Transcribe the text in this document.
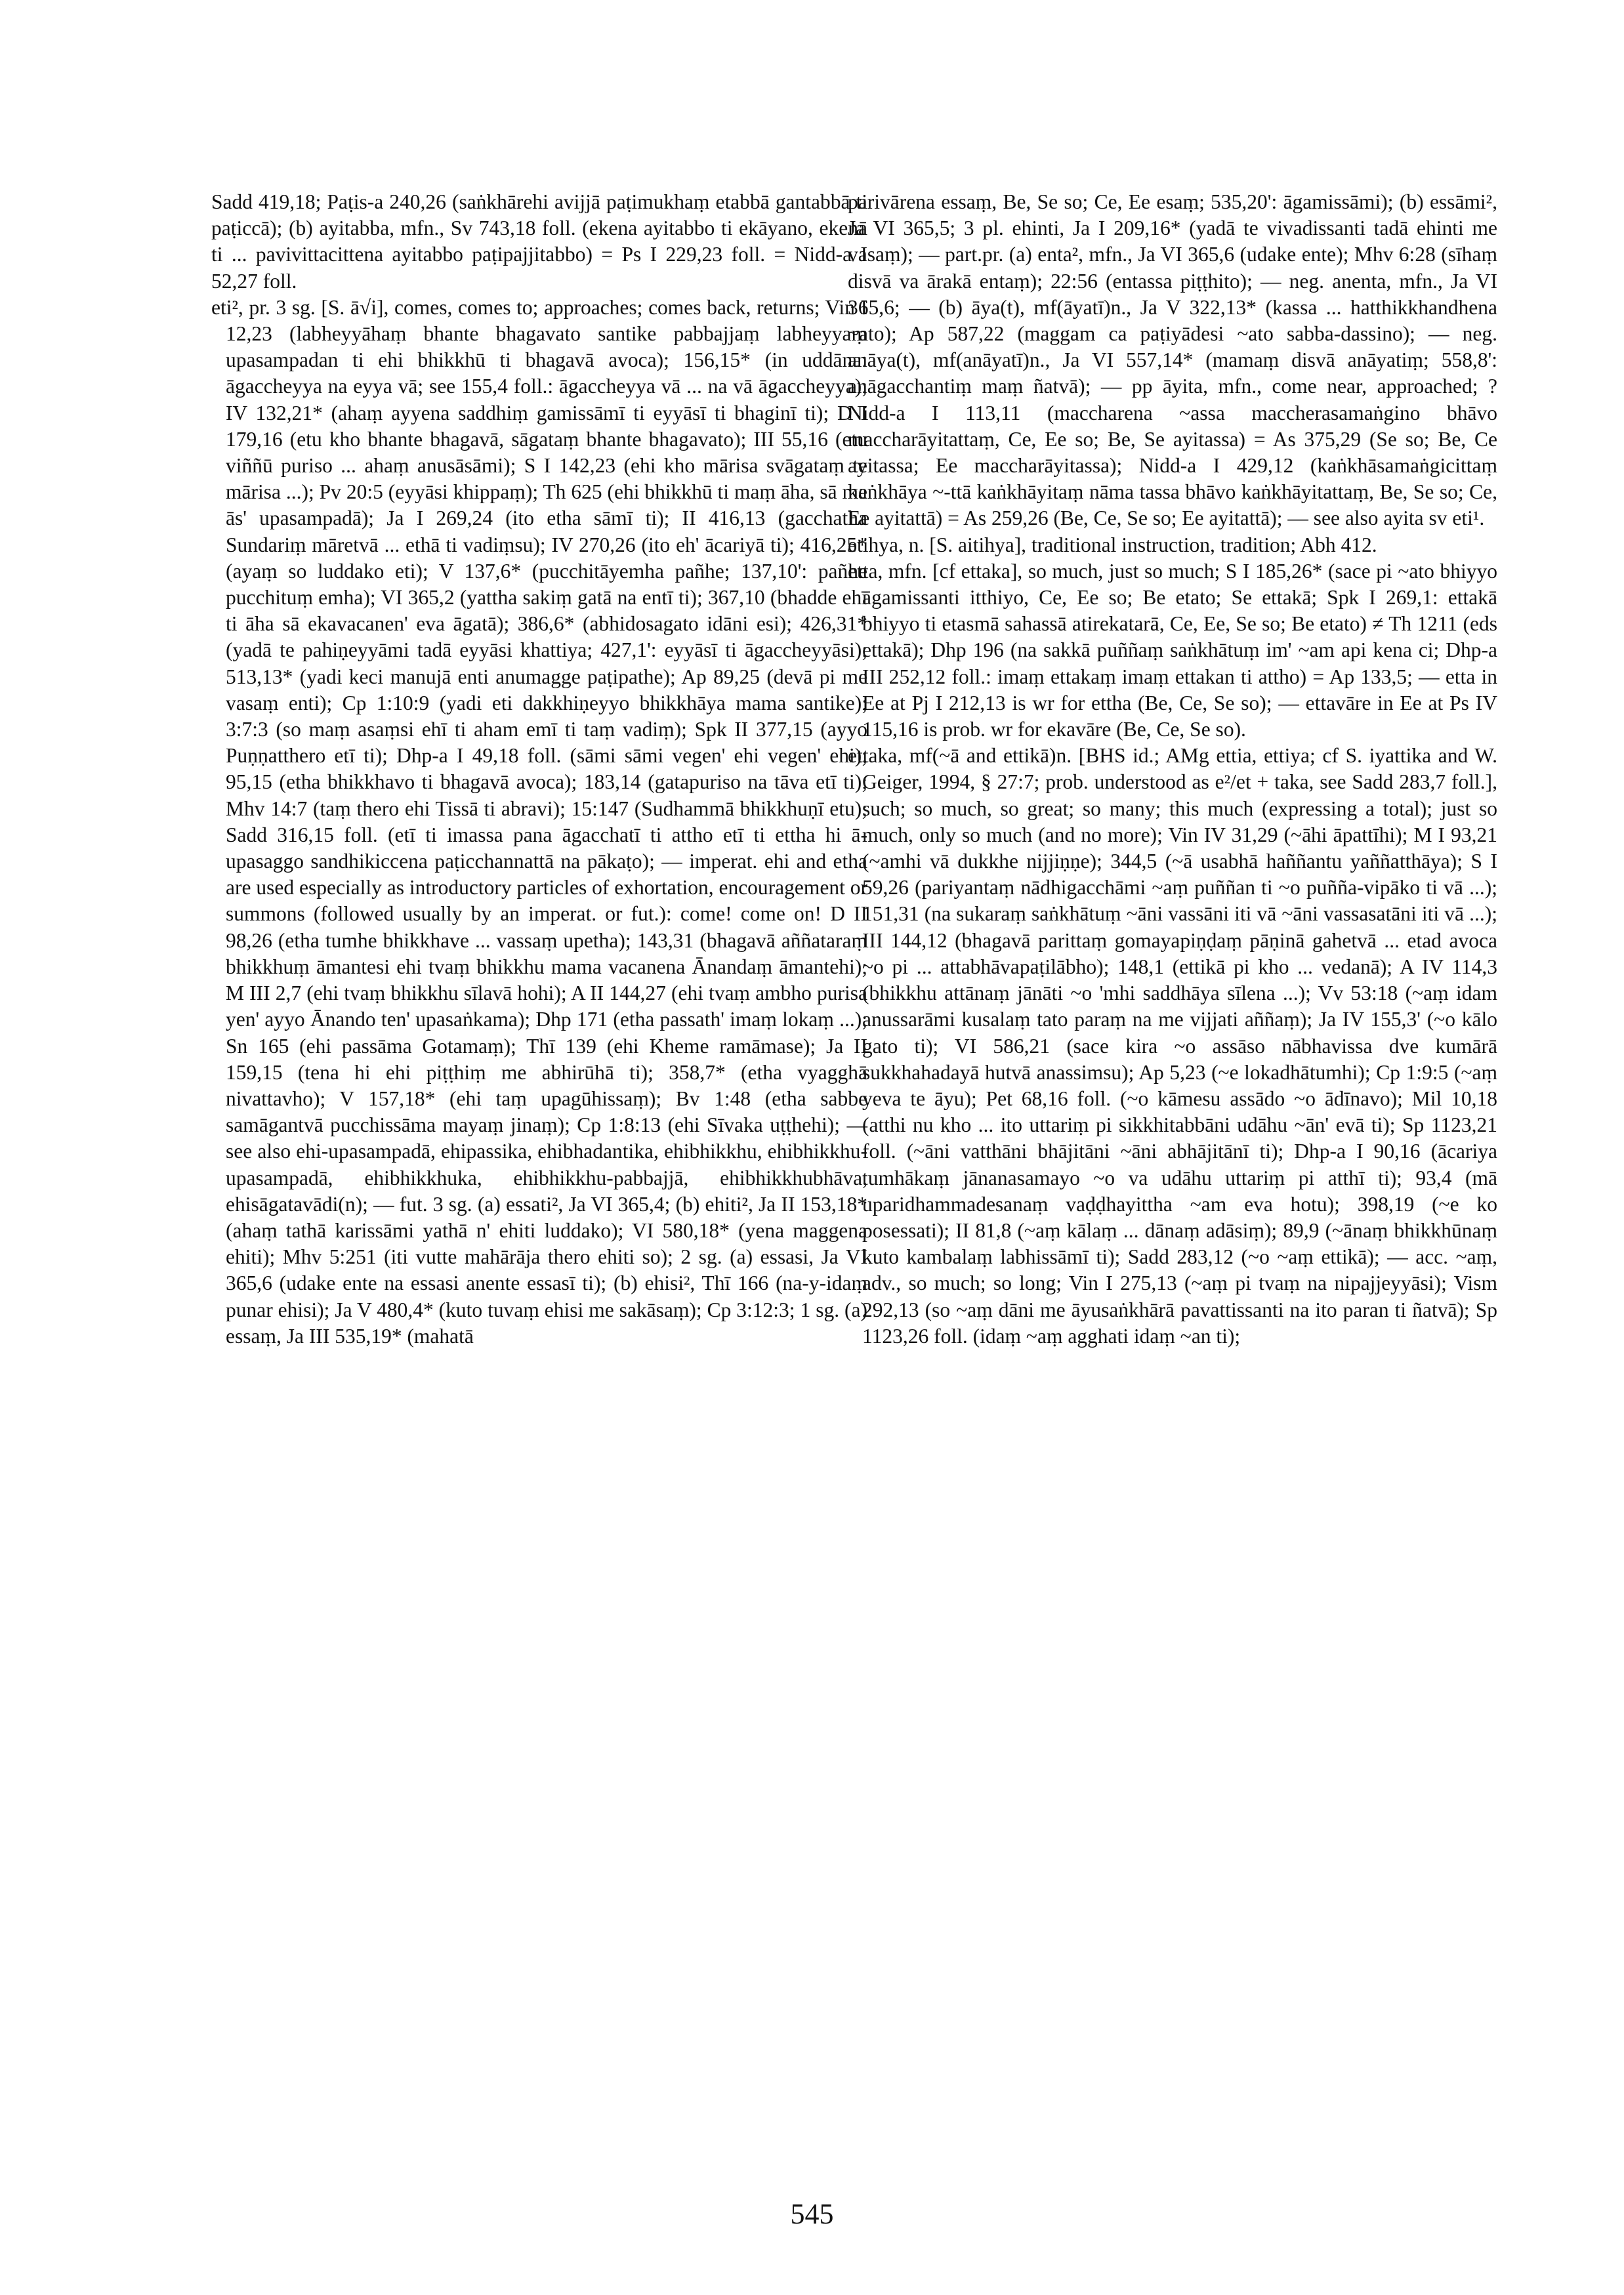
Sadd 419,18; Paṭis-a 240,26 (saṅkhārehi avijjā paṭimukhaṃ etabbā gantabbā ti paṭiccā); (b) ayitabba, mfn., Sv 743,18 foll. (ekena ayitabbo ti ekāyano, ekenā ti ... pavivittacittena ayitabbo paṭipajjitabbo) = Ps I 229,23 foll. = Nidd-a I 52,27 foll.

eti², pr. 3 sg. [S. ā√i], comes, comes to; approaches; comes back, returns; Vin I 12,23 (labheyyāhaṃ bhante bhagavato santike pabbajjaṃ labheyyaṃ upasampadan ti ehi bhikkhū ti bhagavā avoca); 156,15* (in uddāna: āgaccheyya na eyya vā; see 155,4 foll.: āgaccheyya vā ... na vā āgaccheyya); IV 132,21* (ahaṃ ayyena saddhiṃ gamissāmī ti eyyāsī ti bhaginī ti); D I 179,16 (etu kho bhante bhagavā, sāgataṃ bhante bhagavato); III 55,16 (etu viññū puriso ... ahaṃ anusāsāmi); S I 142,23 (ehi kho mārisa svāgataṃ te mārisa ...); Pv 20:5 (eyyāsi khippaṃ); Th 625 (ehi bhikkhū ti maṃ āha, sā me ās' upasampadā); Ja I 269,24 (ito etha sāmī ti); II 416,13 (gacchatha Sundariṃ māretvā ... ethā ti vadiṃsu); IV 270,26 (ito eh' ācariyā ti); 416,25* (ayaṃ so luddako eti); V 137,6* (pucchitāyemha pañhe; 137,10': pañhe pucchituṃ emha); VI 365,2 (yattha sakiṃ gatā na entī ti); 367,10 (bhadde ehī ti āha sā ekavacanen' eva āgatā); 386,6* (abhidosagato idāni esi); 426,31* (yadā te pahiṇeyyāmi tadā eyyāsi khattiya; 427,1': eyyāsī ti āgaccheyyāsi); 513,13* (yadi keci manujā enti anumagge paṭipathe); Ap 89,25 (devā pi me vasaṃ enti); Cp 1:10:9 (yadi eti dakkhiṇeyyo bhikkhāya mama santike); 3:7:3 (so maṃ asaṃsi ehī ti aham emī ti taṃ vadiṃ); Spk II 377,15 (ayyo Puṇṇatthero etī ti); Dhp-a I 49,18 foll. (sāmi sāmi vegen' ehi vegen' ehi); 95,15 (etha bhikkhavo ti bhagavā avoca); 183,14 (gatapuriso na tāva etī ti); Mhv 14:7 (taṃ thero ehi Tissā ti abravi); 15:147 (Sudhammā bhikkhuṇī etu); Sadd 316,15 foll. (etī ti imassa pana āgacchatī ti attho etī ti ettha hi ā-upasaggo sandhikiccena paṭicchannattā na pākaṭo); — imperat. ehi and etha are used especially as introductory particles of exhortation, encouragement or summons (followed usually by an imperat. or fut.): come! come on! D II 98,26 (etha tumhe bhikkhave ... vassaṃ upetha); 143,31 (bhagavā aññataraṃ bhikkhuṃ āmantesi ehi tvaṃ bhikkhu mama vacanena Ānandaṃ āmantehi); M III 2,7 (ehi tvaṃ bhikkhu sīlavā hohi); A II 144,27 (ehi tvaṃ ambho purisa yen' ayyo Ānando ten' upasaṅkama); Dhp 171 (etha passath' imaṃ lokaṃ ...); Sn 165 (ehi passāma Gotamaṃ); Thī 139 (ehi Kheme ramāmase); Ja II 159,15 (tena hi ehi piṭṭhiṃ me abhirūhā ti); 358,7* (etha vyagghā nivattavho); V 157,18* (ehi taṃ upagūhissaṃ); Bv 1:48 (etha sabbe samāgantvā pucchissāma mayaṃ jinaṃ); Cp 1:8:13 (ehi Sīvaka uṭṭhehi); — see also ehi-upasampadā, ehipassika, ehibhadantika, ehibhikkhu, ehibhikkhu-upasampadā, ehibhikkhuka, ehibhikkhu-pabbajjā, ehibhikkhubhāva, ehisāgatavādi(n); — fut. 3 sg. (a) essati², Ja VI 365,4; (b) ehiti², Ja II 153,18* (ahaṃ tathā karissāmi yathā n' ehiti luddako); VI 580,18* (yena maggena ehiti); Mhv 5:251 (iti vutte mahārāja thero ehiti so); 2 sg. (a) essasi, Ja VI 365,6 (udake ente na essasi anente essasī ti); (b) ehisi², Thī 166 (na-y-idaṃ punar ehisi); Ja V 480,4* (kuto tuvaṃ ehisi me sakāsaṃ); Cp 3:12:3; 1 sg. (a) essaṃ, Ja III 535,19* (mahatā

parivārena essaṃ, Be, Se so; Ce, Ee esaṃ; 535,20': āgamissāmi); (b) essāmi², Ja VI 365,5; 3 pl. ehinti, Ja I 209,16* (yadā te vivadissanti tadā ehinti me vasaṃ); — part.pr. (a) enta², mfn., Ja VI 365,6 (udake ente); Mhv 6:28 (sīhaṃ disvā va ārakā entaṃ); 22:56 (entassa piṭṭhito); — neg. anenta, mfn., Ja VI 365,6; — (b) āya(t), mf(āyatī)n., Ja V 322,13* (kassa ... hatthikkhandhena ~ato); Ap 587,22 (maggam ca paṭiyādesi ~ato sabba-dassino); — neg. anāya(t), mf(anāyatī)n., Ja VI 557,14* (mamaṃ disvā anāyatiṃ; 558,8': anāgacchantiṃ maṃ ñatvā); — pp āyita, mfn., come near, approached; ? Nidd-a I 113,11 (maccharena ~assa maccherasamaṅgino bhāvo maccharāyitattaṃ, Ce, Ee so; Be, Se ayitassa) = As 375,29 (Se so; Be, Ce ayitassa; Ee maccharāyitassa); Nidd-a I 429,12 (kaṅkhāsamaṅgicittaṃ kaṅkhāya ~-ttā kaṅkhāyitaṃ nāma tassa bhāvo kaṅkhāyitattaṃ, Be, Se so; Ce, Ee ayitattā) = As 259,26 (Be, Ce, Se so; Ee ayitattā); — see also ayita sv eti¹.

etihya, n. [S. aitihya], traditional instruction, tradition; Abh 412.

etta, mfn. [cf ettaka], so much, just so much; S I 185,26* (sace pi ~ato bhiyyo āgamissanti itthiyo, Ce, Ee so; Be etato; Se ettakā; Spk I 269,1: ettakā bhiyyo ti etasmā sahassā atirekatarā, Ce, Ee, Se so; Be etato) ≠ Th 1211 (eds ettakā); Dhp 196 (na sakkā puññaṃ saṅkhātuṃ im' ~am api kena ci; Dhp-a III 252,12 foll.: imaṃ ettakaṃ imaṃ ettakan ti attho) = Ap 133,5; — etta in Ee at Pj I 212,13 is wr for ettha (Be, Ce, Se so); — ettavāre in Ee at Ps IV 115,16 is prob. wr for ekavāre (Be, Ce, Se so).

ettaka, mf(~ā and ettikā)n. [BHS id.; AMg ettia, ettiya; cf S. iyattika and W. Geiger, 1994, § 27:7; prob. understood as e²/et + taka, see Sadd 283,7 foll.], such; so much, so great; so many; this much (expressing a total); just so much, only so much (and no more); Vin IV 31,29 (~āhi āpattīhi); M I 93,21 (~amhi vā dukkhe nijjiṇṇe); 344,5 (~ā usabhā haññantu yaññatthāya); S I 59,26 (pariyantaṃ nādhigacchāmi ~aṃ puññan ti ~o puñña-vipāko ti vā ...); 151,31 (na sukaraṃ saṅkhātuṃ ~āni vassāni iti vā ~āni vassasatāni iti vā ...); III 144,12 (bhagavā parittaṃ gomayapiṇḍaṃ pāṇinā gahetvā ... etad avoca ~o pi ... attabhāvapaṭilābho); 148,1 (ettikā pi kho ... vedanā); A IV 114,3 (bhikkhu attānaṃ jānāti ~o 'mhi saddhāya sīlena ...); Vv 53:18 (~aṃ idam anussarāmi kusalaṃ tato paraṃ na me vijjati aññaṃ); Ja IV 155,3' (~o kālo gato ti); VI 586,21 (sace kira ~o assāso nābhavissa dve kumārā sukkhahadayā hutvā anassimsu); Ap 5,23 (~e lokadhātumhi); Cp 1:9:5 (~aṃ yeva te āyu); Pet 68,16 foll. (~o kāmesu assādo ~o ādīnavo); Mil 10,18 (atthi nu kho ... ito uttariṃ pi sikkhitabbāni udāhu ~ān' evā ti); Sp 1123,21 foll. (~āni vatthāni bhājitāni ~āni abhājitānī ti); Dhp-a I 90,16 (ācariya tumhākaṃ jānanasamayo ~o va udāhu uttariṃ pi atthī ti); 93,4 (mā uparidhammadesanaṃ vaḍḍhayittha ~am eva hotu); 398,19 (~e ko posessati); II 81,8 (~aṃ kālaṃ ... dānaṃ adāsiṃ); 89,9 (~ānaṃ bhikkhūnaṃ kuto kambalaṃ labhissāmī ti); Sadd 283,12 (~o ~aṃ ettikā); — acc. ~aṃ, adv., so much; so long; Vin I 275,13 (~aṃ pi tvaṃ na nipajjeyyāsi); Vism 292,13 (so ~aṃ dāni me āyusaṅkhārā pavattissanti na ito paran ti ñatvā); Sp 1123,26 foll. (idaṃ ~aṃ agghati idaṃ ~an ti);

545
